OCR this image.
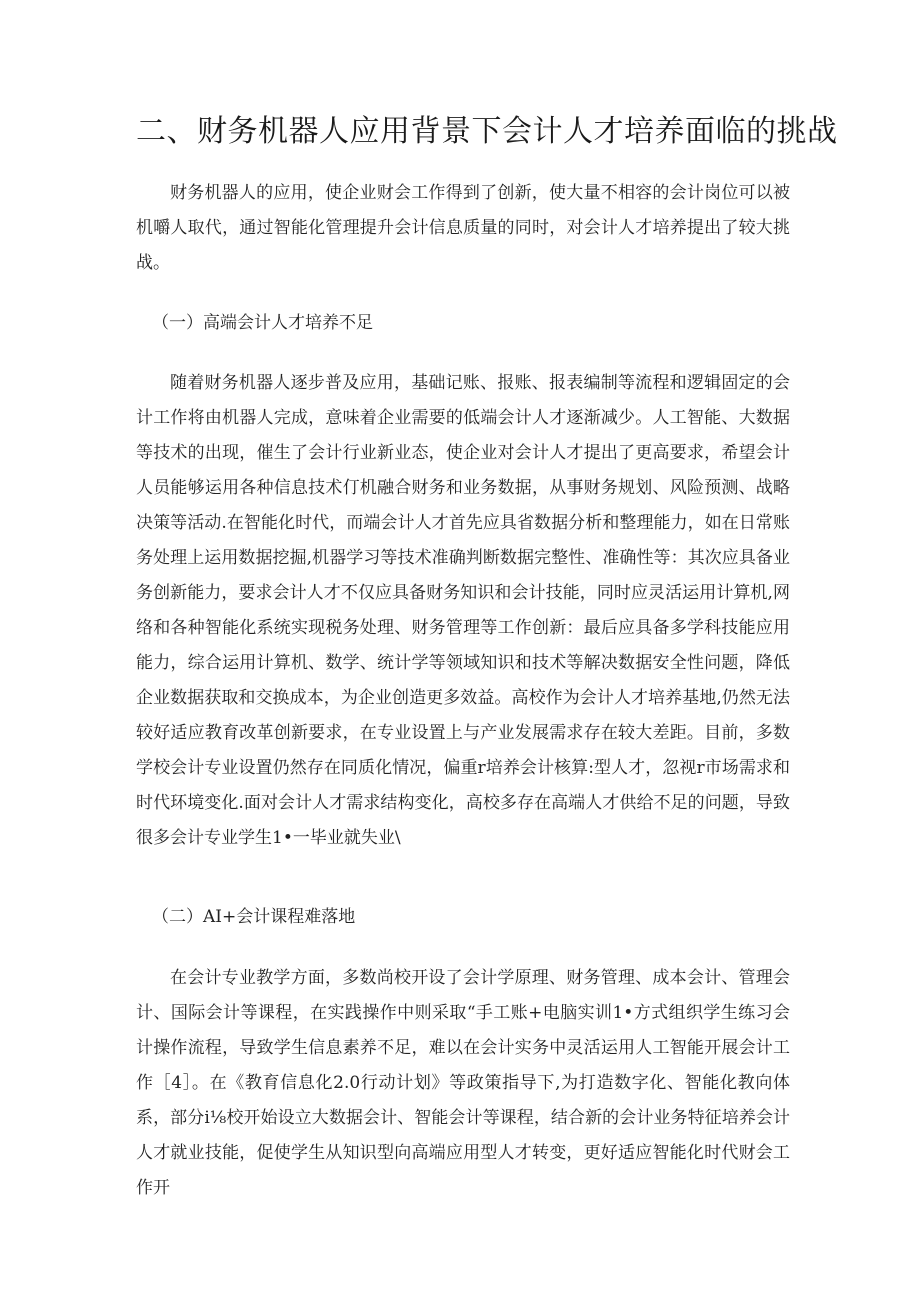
二、财务机器人应用背景下会计人才培养面临的挑战
财务机器人的应用，使企业财会工作得到了创新，使大量不相容的会计岗位可以被机嚼人取代，通过智能化管理提升会计信息质量的同时，对会计人才培养提出了较大挑战。
（一）高端会计人才培养不足
随着财务机器人逐步普及应用，基础记账、报账、报表编制等流程和逻辑固定的会计工作将由机器人完成，意味着企业需要的低端会计人才逐渐减少。人工智能、大数据等技术的出现，催生了会计行业新业态，使企业对会计人才提出了更高要求，希望会计人员能够运用各种信息技术仃机融合财务和业务数据，从事财务规划、风险预测、战略决策等活动.在智能化时代，而端会计人才首先应具省数据分析和整理能力，如在日常账务处理上运用数据挖掘,机器学习等技术准确判断数据完整性、准确性等：其次应具备业务创新能力，要求会计人才不仅应具备财务知识和会计技能，同时应灵活运用计算机,网络和各种智能化系统实现税务处理、财务管理等工作创新：最后应具备多学科技能应用能力，综合运用计算机、数学、统计学等领域知识和技术等解决数据安全性问题，降低企业数据获取和交换成本，为企业创造更多效益。高校作为会计人才培养基地,仍然无法较好适应教育改革创新要求，在专业设置上与产业发展需求存在较大差距。目前，多数学校会计专业设置仍然存在同质化情况，偏重r培养会计核算:型人才，忽视r市场需求和时代环境变化.面对会计人才需求结构变化，高校多存在高端人才供给不足的问题，导致很多会计专业学生1•一毕业就失业\
（二）AI+会计课程难落地
在会计专业教学方面，多数尚校开设了会计学原理、财务管理、成本会计、管理会计、国际会计等课程，在实践操作中则采取“手工账+电脑实训1•方式组织学生练习会计操作流程，导致学生信息素养不足，难以在会计实务中灵活运用人工智能开展会计工作［4］。在《教育信息化2.0行动计划》等政策指导下,为打造数字化、智能化教向体系，部分i⅛校开始设立大数据会计、智能会计等课程，结合新的会计业务特征培养会计人才就业技能，促使学生从知识型向高端应用型人才转变，更好适应智能化时代财会工作开
